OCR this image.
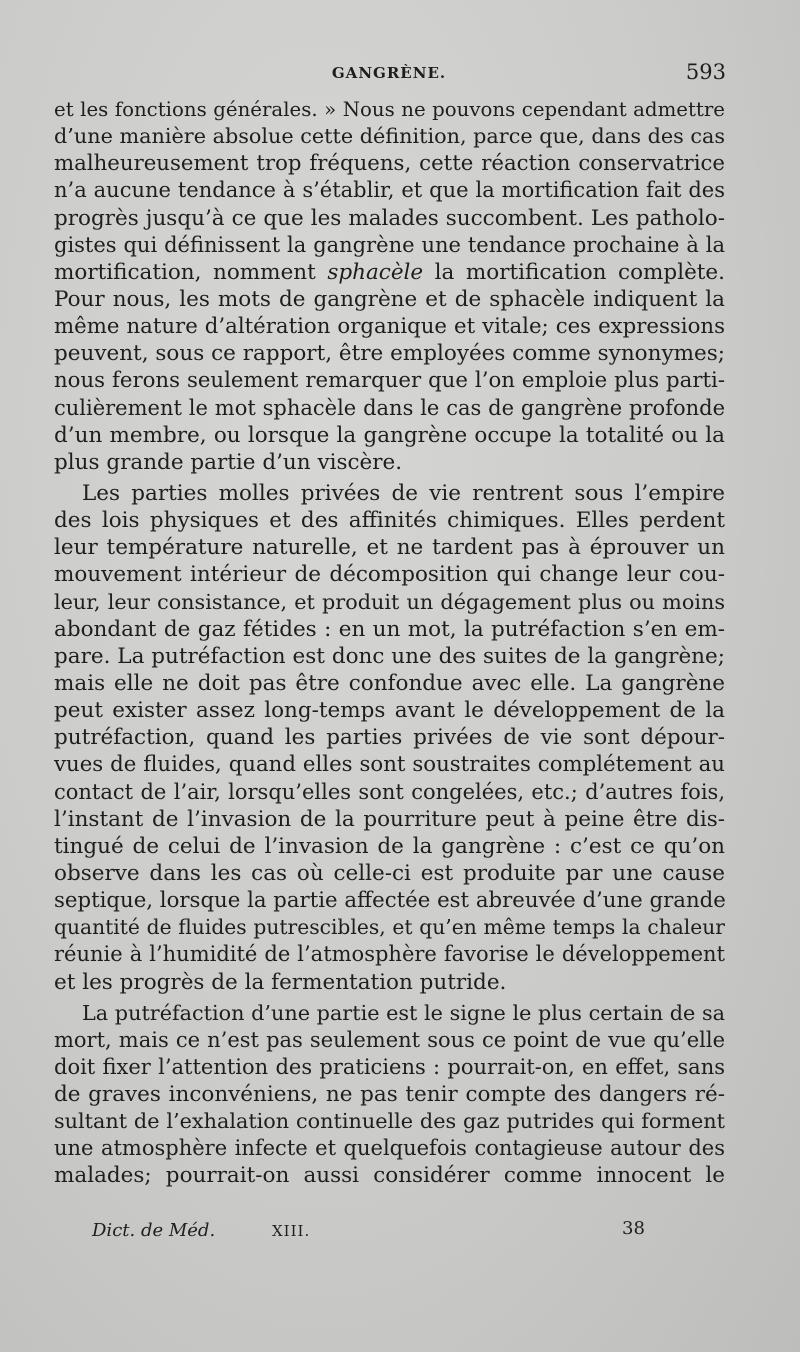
GANGRÈNE.	593
et les fonctions générales. » Nous ne pouvons cependant admettre
d’une manière absolue cette définition, parce que, dans des cas
malheureusement trop fréquens, cette réaction conservatrice
n’a aucune tendance à s’établir, et que la mortification fait des
progrès jusqu’à ce que les malades succombent. Les patholo-
gistes qui définissent la gangrène une tendance prochaine à la
mortification, nomment sphacèle la mortification complète.
Pour nous, les mots de gangrène et de sphacèle indiquent la
même nature d’altération organique et vitale; ces expressions
peuvent, sous ce rapport, être employées comme synonymes;
nous ferons seulement remarquer que l’on emploie plus parti-
culièrement le mot sphacèle dans le cas de gangrène profonde
d’un membre, ou lorsque la gangrène occupe la totalité ou la
plus grande partie d’un viscère.
Les parties molles privées de vie rentrent sous l’empire
des lois physiques et des affinités chimiques. Elles perdent
leur température naturelle, et ne tardent pas à éprouver un
mouvement intérieur de décomposition qui change leur cou-
leur, leur consistance, et produit un dégagement plus ou moins
abondant de gaz fétides : en un mot, la putréfaction s’en em-
pare. La putréfaction est donc une des suites de la gangrène;
mais elle ne doit pas être confondue avec elle. La gangrène
peut exister assez long-temps avant le développement de la
putréfaction, quand les parties privées de vie sont dépour-
vues de fluides, quand elles sont soustraites complétement au
contact de l’air, lorsqu’elles sont congelées, etc.; d’autres fois,
l’instant de l’invasion de la pourriture peut à peine être dis-
tingué de celui de l’invasion de la gangrène : c’est ce qu’on
observe dans les cas où celle-ci est produite par une cause
septique, lorsque la partie affectée est abreuvée d’une grande
quantité de fluides putrescibles, et qu’en même temps la chaleur
réunie à l’humidité de l’atmosphère favorise le développement
et les progrès de la fermentation putride.
La putréfaction d’une partie est le signe le plus certain de sa
mort, mais ce n’est pas seulement sous ce point de vue qu’elle
doit fixer l’attention des praticiens : pourrait-on, en effet, sans
de graves inconvéniens, ne pas tenir compte des dangers ré-
sultant de l’exhalation continuelle des gaz putrides qui forment
une atmosphère infecte et quelquefois contagieuse autour des
malades; pourrait-on aussi considérer comme innocent le
Dict. de Méd.	XIII.	38
